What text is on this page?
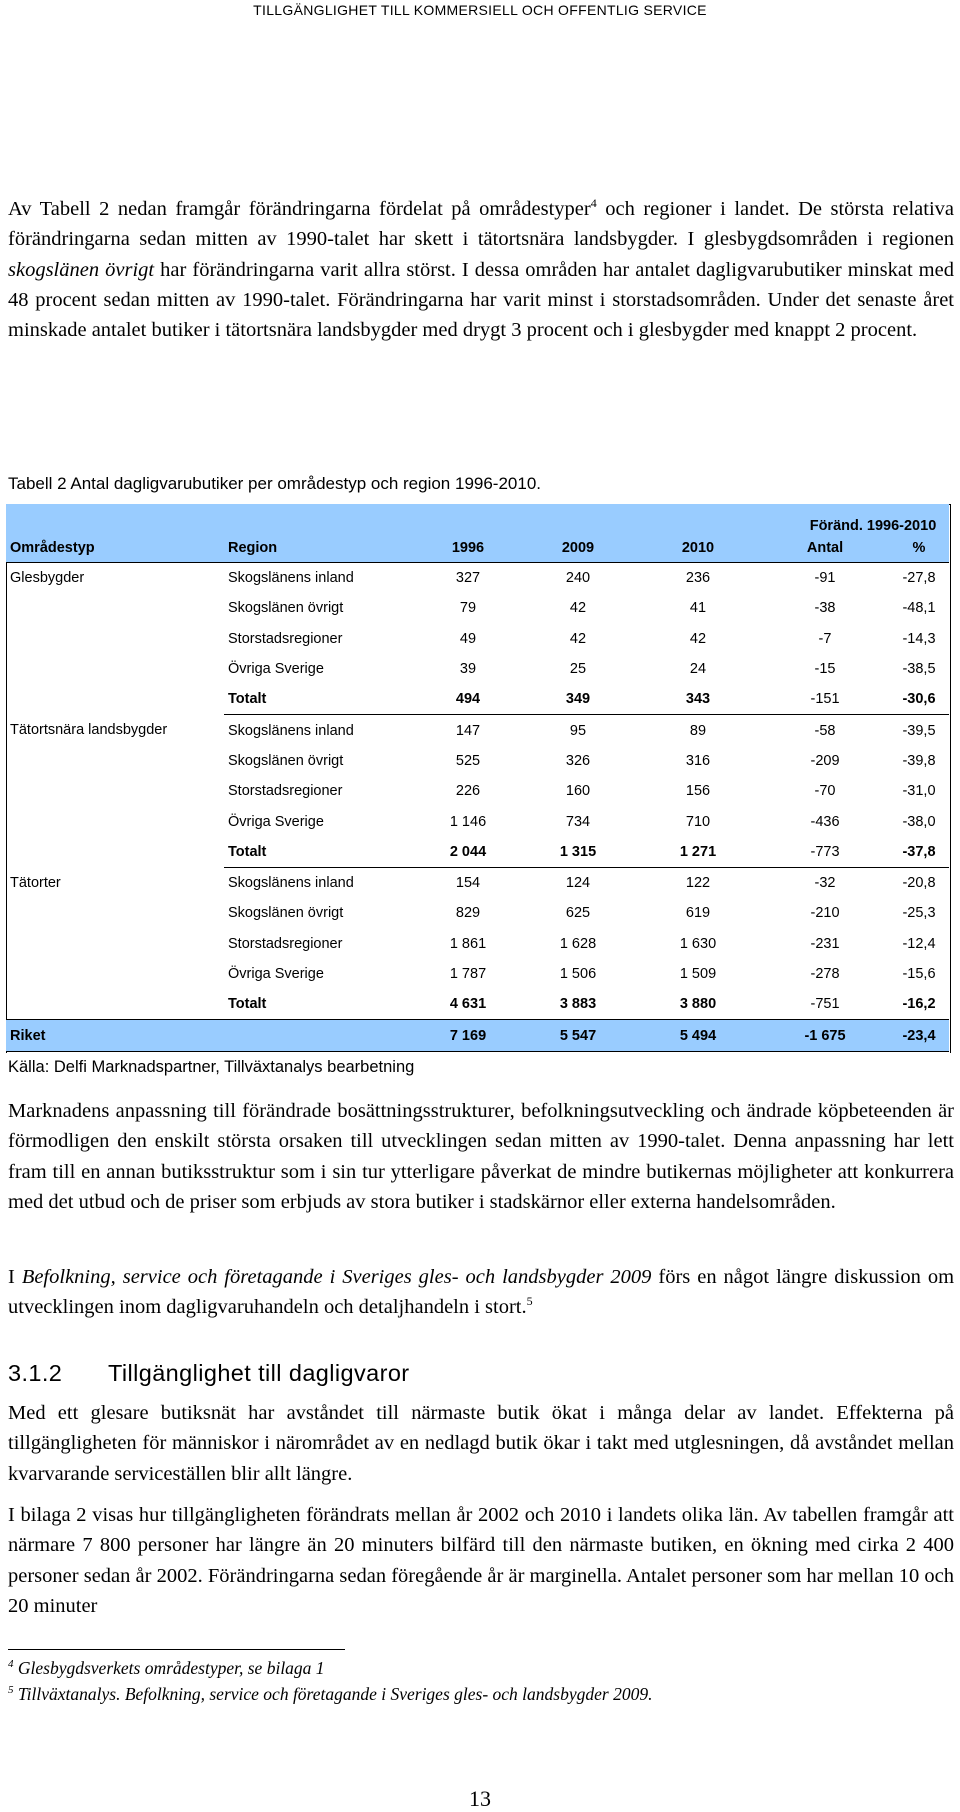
TILLGÄNGLIGHET TILL KOMMERSIELL OCH OFFENTLIG SERVICE

Av Tabell 2 nedan framgår förändringarna fördelat på områdestyper$^4$ och regioner i landet. De största relativa förändringarna sedan mitten av 1990-talet har skett i tätortsnära landsbygder. I glesbygdsområden i regionen skogslänen övrigt har förändringarna varit allra störst. I dessa områden har antalet dagligvarubutiker minskat med 48 procent sedan mitten av 1990-talet. Förändringarna har varit minst i storstadsområden. Under det senaste året minskade antalet butiker i tätortsnära landsbygder med drygt 3 procent och i glesbygder med knappt 2 procent.

Tabell 2 Antal dagligvarubutiker per områdestyp och region 1996-2010.
					Föränd. 1996-2010	
Områdestyp	Region	1996	2009	2010	Antal	%
Glesbygder	Skogslänens inland	327	240	236	-91	-27,8
	Skogslänen övrigt	79	42	41	-38	-48,1
	Storstadsregioner	49	42	42	-7	-14,3
	Övriga Sverige	39	25	24	-15	-38,5
	Totalt	494	349	343	-151	-30,6
Tätortsnära landsbygder	Skogslänens inland	147	95	89	-58	-39,5
	Skogslänen övrigt	525	326	316	-209	-39,8
	Storstadsregioner	226	160	156	-70	-31,0
	Övriga Sverige	1 146	734	710	-436	-38,0
	Totalt	2 044	1 315	1 271	-773	-37,8
Tätorter	Skogslänens inland	154	124	122	-32	-20,8
	Skogslänen övrigt	829	625	619	-210	-25,3
	Storstadsregioner	1 861	1 628	1 630	-231	-12,4
	Övriga Sverige	1 787	1 506	1 509	-278	-15,6
	Totalt	4 631	3 883	3 880	-751	-16,2
Riket		7 169	5 547	5 494	-1 675	-23,4
Källa: Delfi Marknadspartner, Tillväxtanalys bearbetning

Marknadens anpassning till förändrade bosättningsstrukturer, befolkningsutveckling och ändrade köpbeteenden är förmodligen den enskilt största orsaken till utvecklingen sedan mitten av 1990-talet. Denna anpassning har lett fram till en annan butiksstruktur som i sin tur ytterligare påverkat de mindre butikernas möjligheter att konkurrera med det utbud och de priser som erbjuds av stora butiker i stadskärnor eller externa handelsområden.

I Befolkning, service och företagande i Sveriges gles- och landsbygder 2009 förs en något längre diskussion om utvecklingen inom dagligvaruhandeln och detaljhandeln i stort.$^5$

3.1.2 Tillgänglighet till dagligvaror

Med ett glesare butiksnät har avståndet till närmaste butik ökat i många delar av landet. Effekterna på tillgängligheten för människor i närområdet av en nedlagd butik ökar i takt med utglesningen, då avståndet mellan kvarvarande serviceställen blir allt längre.

I bilaga 2 visas hur tillgängligheten förändrats mellan år 2002 och 2010 i landets olika län. Av tabellen framgår att närmare 7 800 personer har längre än 20 minuters bilfärd till den närmaste butiken, en ökning med cirka 2 400 personer sedan år 2002. Förändringarna sedan föregående år är marginella. Antalet personer som har mellan 10 och 20 minuter

$^4$ Glesbygdsverkets områdestyper, se bilaga 1
$^5$ Tillväxtanalys. Befolkning, service och företagande i Sveriges gles- och landsbygder 2009.
13
